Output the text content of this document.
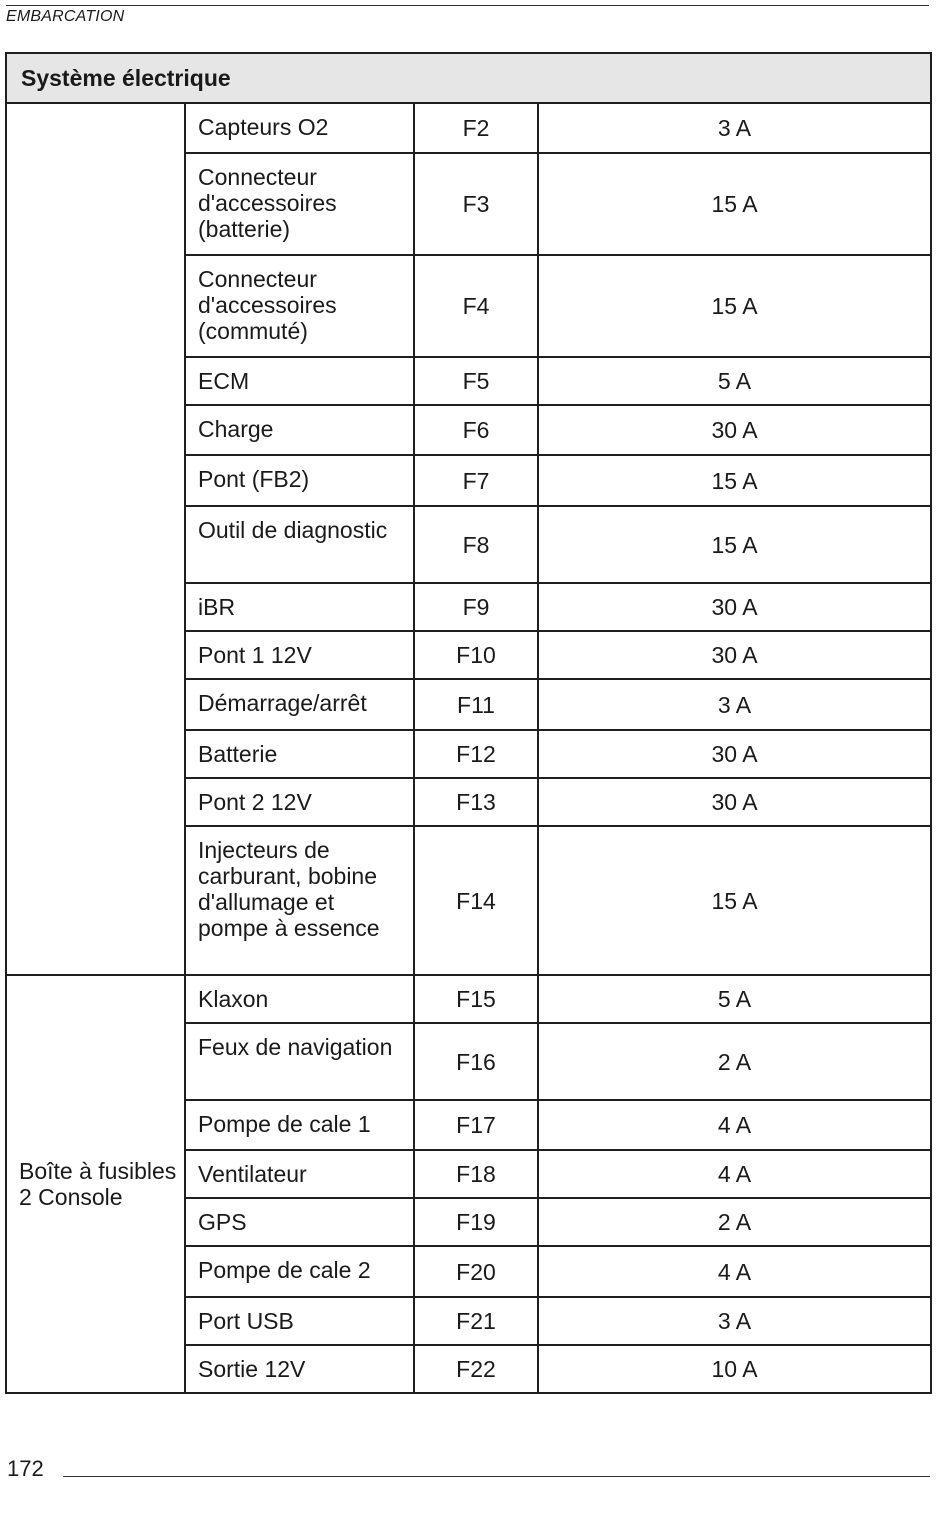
EMBARCATION
Système électrique			
	Capteurs O2	F2	3 A
	Connecteur d'accessoires (batterie)	F3	15 A
	Connecteur d'accessoires (commuté)	F4	15 A
	ECM	F5	5 A
	Charge	F6	30 A
	Pont (FB2)	F7	15 A
	Outil de diagnostic	F8	15 A
	iBR	F9	30 A
	Pont 1 12V	F10	30 A
	Démarrage/arrêt	F11	3 A
	Batterie	F12	30 A
	Pont 2 12V	F13	30 A
	Injecteurs de carburant, bobine d'allumage et pompe à essence	F14	15 A
Boîte à fusibles 2 Console	Klaxon	F15	5 A
	Feux de navigation	F16	2 A
	Pompe de cale 1	F17	4 A
	Ventilateur	F18	4 A
	GPS	F19	2 A
	Pompe de cale 2	F20	4 A
	Port USB	F21	3 A
	Sortie 12V	F22	10 A
172
